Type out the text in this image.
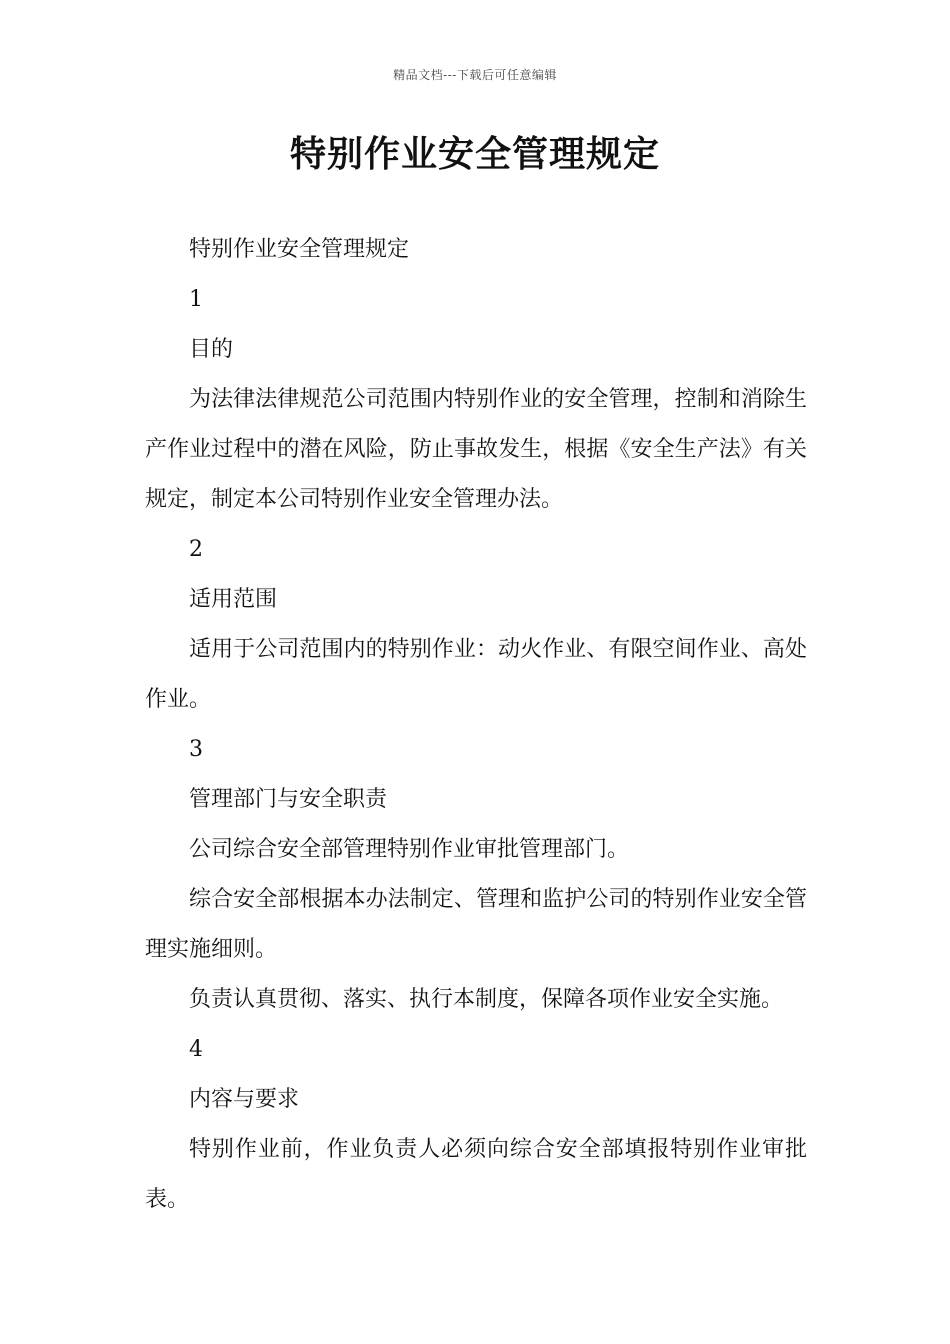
精品文档---下载后可任意编辑
特别作业安全管理规定

特别作业安全管理规定

1

目的

为法律法律规范公司范围内特别作业的安全管理，控制和消除生产作业过程中的潜在风险，防止事故发生，根据《安全生产法》有关规定，制定本公司特别作业安全管理办法。

2

适用范围

适用于公司范围内的特别作业：动火作业、有限空间作业、高处作业。

3

管理部门与安全职责

公司综合安全部管理特别作业审批管理部门。

综合安全部根据本办法制定、管理和监护公司的特别作业安全管理实施细则。

负责认真贯彻、落实、执行本制度，保障各项作业安全实施。

4

内容与要求

特别作业前，作业负责人必须向综合安全部填报特别作业审批表。
